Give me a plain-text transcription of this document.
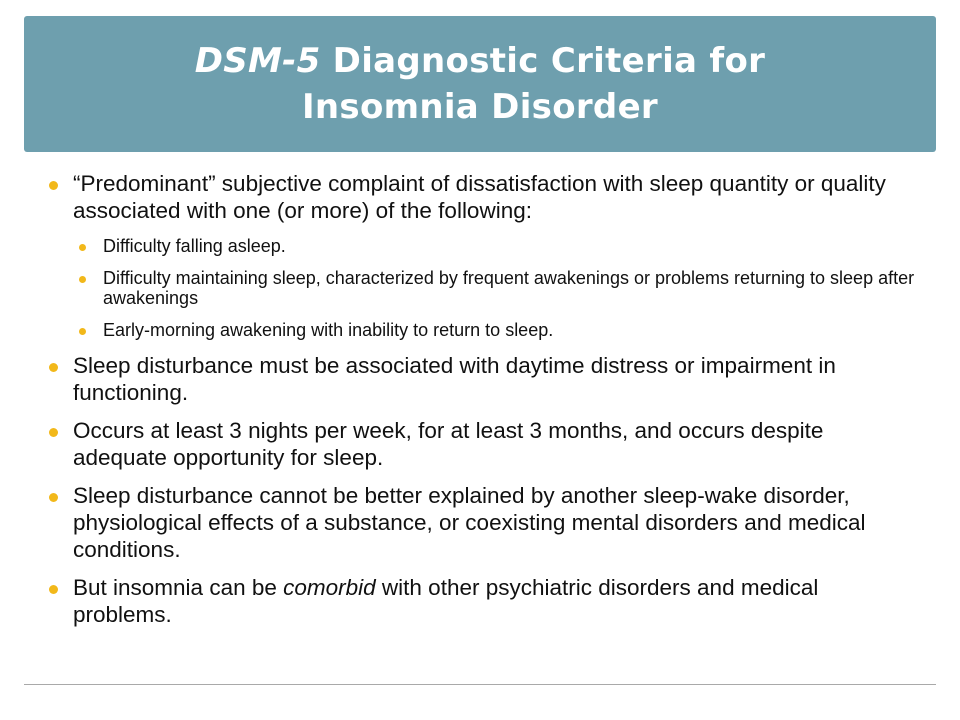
DSM-5 Diagnostic Criteria for
Insomnia Disorder
“Predominant” subjective complaint of dissatisfaction with sleep quantity or quality associated with one (or more) of the following:
Difficulty falling asleep.
Difficulty maintaining sleep, characterized by frequent awakenings or problems returning to sleep after awakenings
Early-morning awakening with inability to return to sleep.
Sleep disturbance must be associated with daytime distress or impairment in functioning.
Occurs at least 3 nights per week, for at least 3 months, and occurs despite adequate opportunity for sleep.
Sleep disturbance cannot be better explained by another sleep-wake disorder, physiological effects of a substance, or coexisting mental disorders and medical conditions.
But insomnia can be comorbid with other psychiatric disorders and medical problems.
